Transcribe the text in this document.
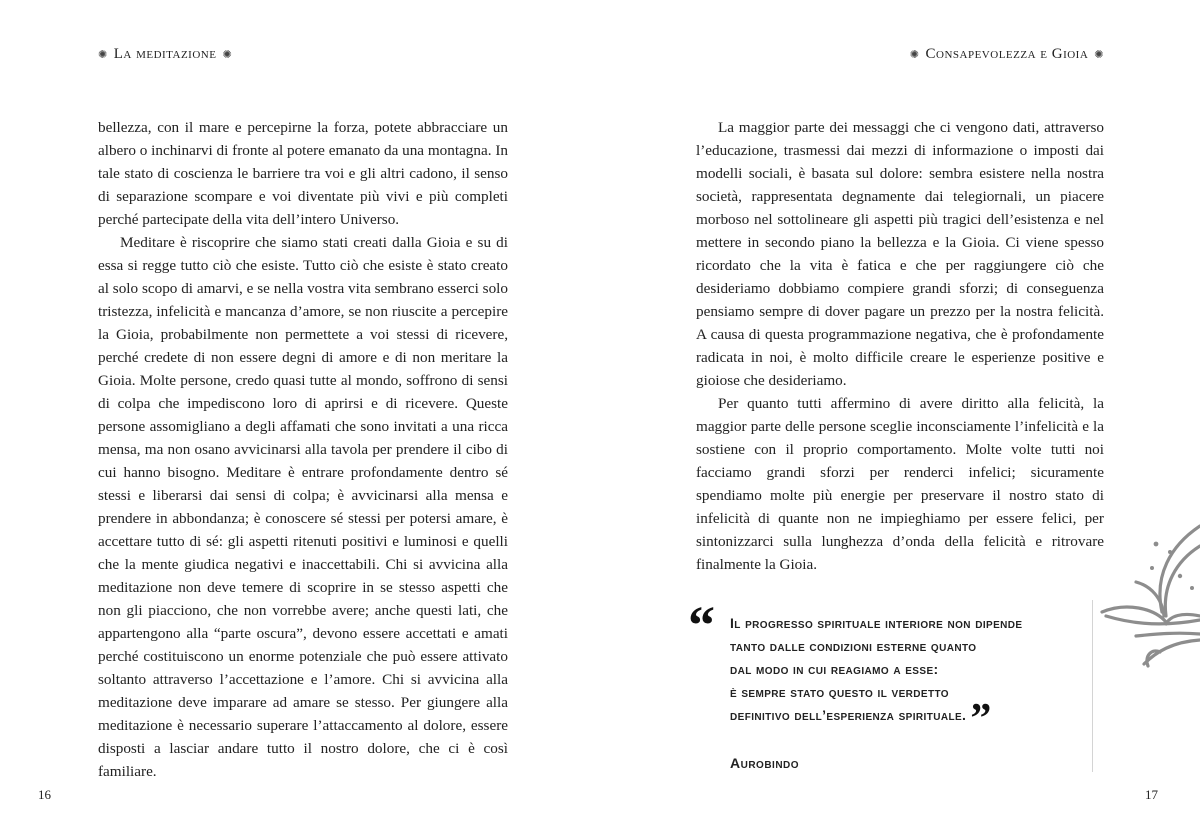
✺ La meditazione ✺

bellezza, con il mare e percepirne la forza, potete abbracciare un albero o inchinarvi di fronte al potere emanato da una montagna. In tale stato di coscienza le barriere tra voi e gli altri cadono, il senso di separazione scompare e voi diventate più vivi e più completi perché partecipate della vita dell’intero Universo.

Meditare è riscoprire che siamo stati creati dalla Gioia e su di essa si regge tutto ciò che esiste. Tutto ciò che esiste è stato creato al solo scopo di amarvi, e se nella vostra vita sembrano esserci solo tristezza, infelicità e mancanza d’amore, se non riuscite a percepire la Gioia, probabilmente non permettete a voi stessi di ricevere, perché credete di non essere degni di amore e di non meritare la Gioia. Molte persone, credo quasi tutte al mondo, soffrono di sensi di colpa che impediscono loro di aprirsi e di ricevere. Queste persone assomigliano a degli affamati che sono invitati a una ricca mensa, ma non osano avvicinarsi alla tavola per prendere il cibo di cui hanno bisogno. Meditare è entrare profondamente dentro sé stessi e liberarsi dai sensi di colpa; è avvicinarsi alla mensa e prendere in abbondanza; è conoscere sé stessi per potersi amare, è accettare tutto di sé: gli aspetti ritenuti positivi e luminosi e quelli che la mente giudica negativi e inaccettabili. Chi si avvicina alla meditazione non deve temere di scoprire in se stesso aspetti che non gli piacciono, che non vorrebbe avere; anche questi lati, che appartengono alla “parte oscura”, devono essere accettati e amati perché costituiscono un enorme potenziale che può essere attivato soltanto attraverso l’accettazione e l’amore. Chi si avvicina alla meditazione deve imparare ad amare se stesso. Per giungere alla meditazione è necessario superare l’attaccamento al dolore, essere disposti a lasciar andare tutto il nostro dolore, che ci è così familiare.

16
✺ Consapevolezza e Gioia ✺

La maggior parte dei messaggi che ci vengono dati, attraverso l’educazione, trasmessi dai mezzi di informazione o imposti dai modelli sociali, è basata sul dolore: sembra esistere nella nostra società, rappresentata degnamente dai telegiornali, un piacere morboso nel sottolineare gli aspetti più tragici dell’esistenza e nel mettere in secondo piano la bellezza e la Gioia. Ci viene spesso ricordato che la vita è fatica e che per raggiungere ciò che desideriamo dobbiamo compiere grandi sforzi; di conseguenza pensiamo sempre di dover pagare un prezzo per la nostra felicità. A causa di questa programmazione negativa, che è profondamente radicata in noi, è molto difficile creare le esperienze positive e gioiose che desideriamo.

Per quanto tutti affermino di avere diritto alla felicità, la maggior parte delle persone sceglie inconsciamente l’infelicità e la sostiene con il proprio comportamento. Molte volte tutti noi facciamo grandi sforzi per renderci infelici; sicuramente spendiamo molte più energie per preservare il nostro stato di infelicità di quante non ne impieghiamo per essere felici, per sintonizzarci sulla lunghezza d’onda della felicità e ritrovare finalmente la Gioia.

“ Il progresso spirituale interiore non dipende
tanto dalle condizioni esterne quanto
dal modo in cui reagiamo a esse:
è sempre stato questo il verdetto
definitivo dell’esperienza spirituale.”
Aurobindo
17
